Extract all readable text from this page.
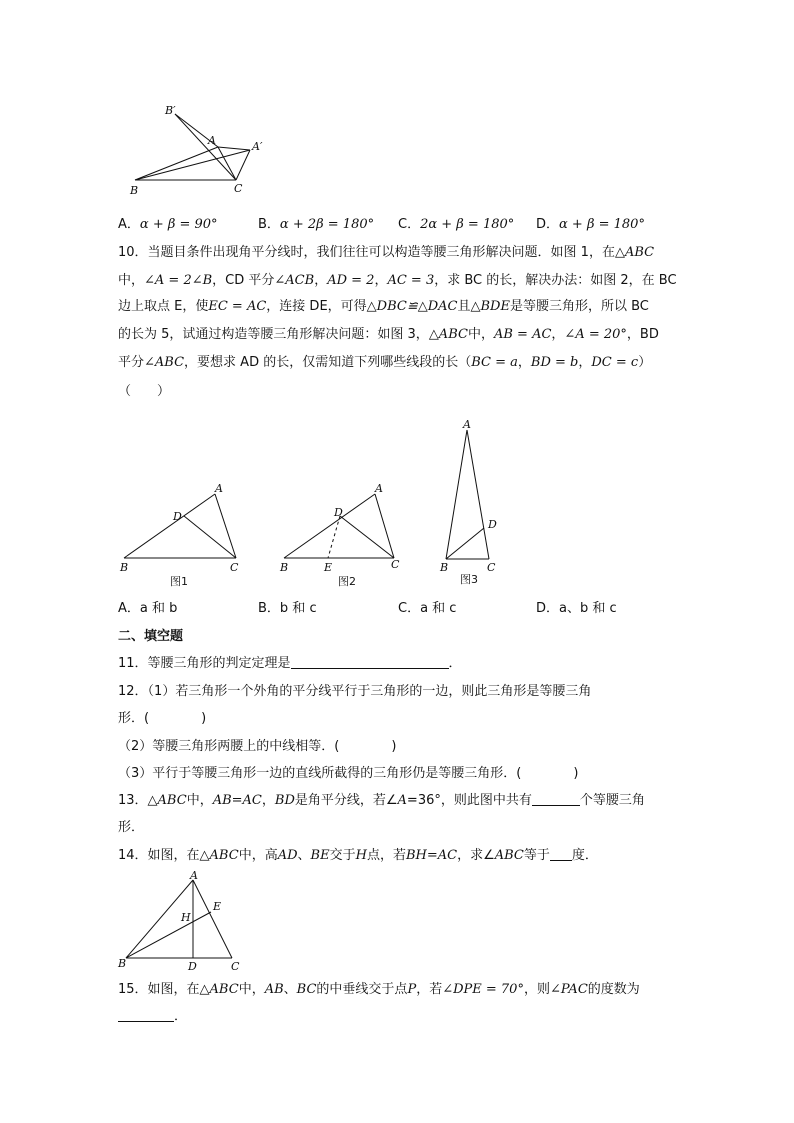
B′
A	A′
B	C
A．α + β = 90°	B．α + 2β = 180° C．2α + β = 180° D．α + β = 180°
10．当题目条件出现角平分线时，我们往往可以构造等腰三角形解决问题．如图 1，在△ABC
中，∠A = 2∠B，CD 平分∠ACB，AD = 2，AC = 3，求 BC 的长，解决办法：如图 2，在 BC
边上取点 E，使EC = AC，连接 DE，可得△DBC≌△DAC且△BDE是等腰三角形，所以 BC
的长为 5，试通过构造等腰三角形解决问题：如图 3，△ABC中，AB = AC，∠A = 20°，BD
平分∠ABC，要想求 AD 的长，仅需知道下列哪些线段的长（BC = a，BD = b，DC = c）
（　　）
A
D
B	C
图1
A
D
B	E	C
图2
A
D
B	C
图3
A．a 和 b	B．b 和 c	C．a 和 c	D．a、b 和 c
二、填空题
11．等腰三角形的判定定理是	．
12．（1）若三角形一个外角的平分线平行于三角形的一边，则此三角形是等腰三角
形．(　　　　)
（2）等腰三角形两腰上的中线相等．(　　　　)
（3）平行于等腰三角形一边的直线所截得的三角形仍是等腰三角形．(　　　　)
13．△ABC中，AB=AC，BD是角平分线，若∠A=36°，则此图中共有	个等腰三角
形．
14．如图，在△ABC中，高AD、BE交于H点，若BH=AC，求∠ABC等于 度．
A
E
H
B	D	C
15．如图，在△ABC中，AB、BC的中垂线交于点P，若∠DPE = 70°，则∠PAC的度数为
．
